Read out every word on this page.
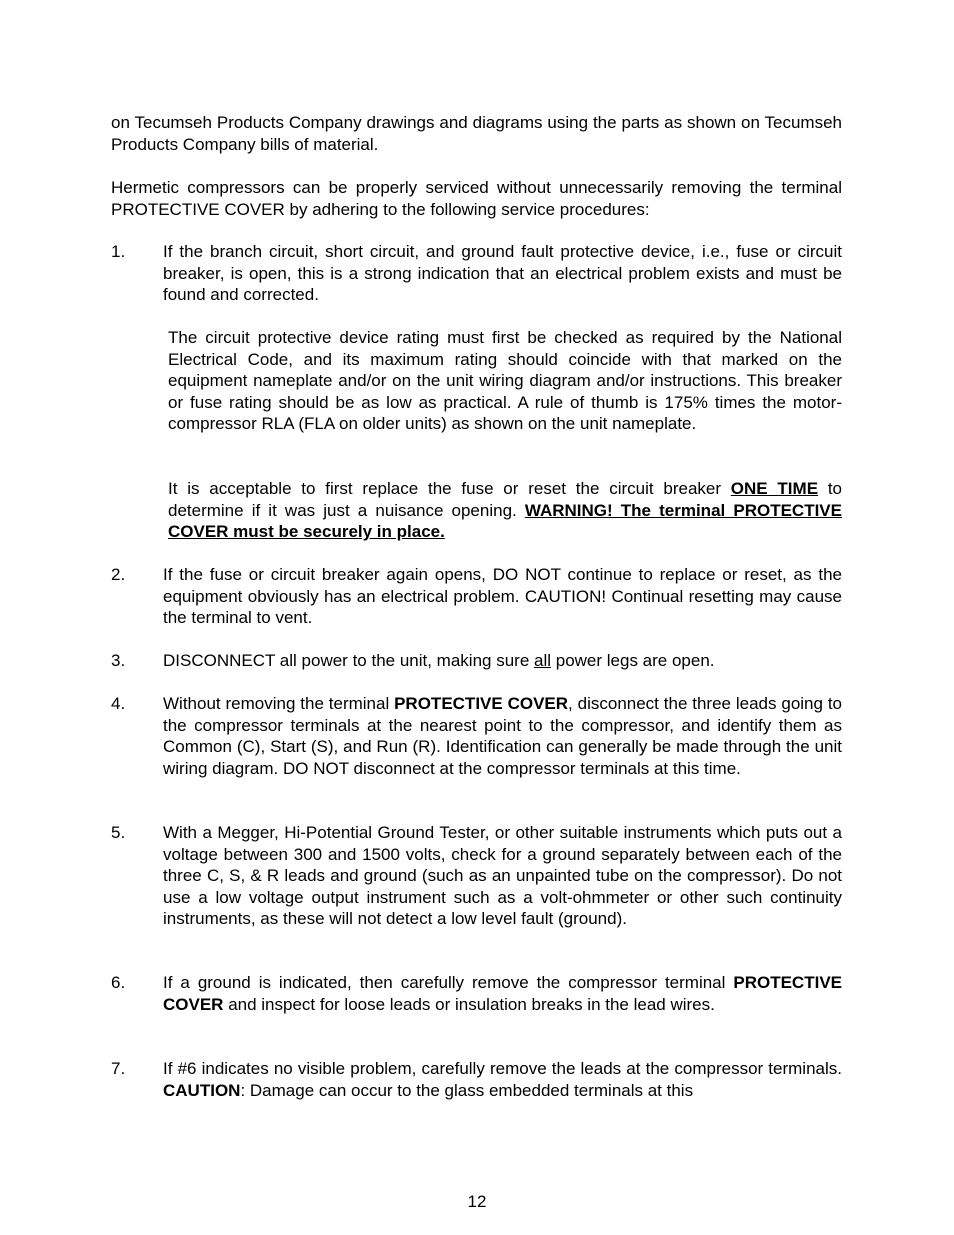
on Tecumseh Products Company drawings and diagrams using the parts as shown on Tecumseh Products Company bills of material.

Hermetic compressors can be properly serviced without unnecessarily removing the terminal PROTECTIVE COVER by adhering to the following service procedures:

1.	If the branch circuit, short circuit, and ground fault protective device, i.e., fuse or circuit breaker, is open, this is a strong indication that an electrical problem exists and must be found and corrected.

The circuit protective device rating must first be checked as required by the National Electrical Code, and its maximum rating should coincide with that marked on the equipment nameplate and/or on the unit wiring diagram and/or instructions. This breaker or fuse rating should be as low as practical. A rule of thumb is 175% times the motor-compressor RLA (FLA on older units) as shown on the unit nameplate.

It is acceptable to first replace the fuse or reset the circuit breaker ONE TIME to determine if it was just a nuisance opening. WARNING! The terminal PROTECTIVE COVER must be securely in place.

2.	If the fuse or circuit breaker again opens, DO NOT continue to replace or reset, as the equipment obviously has an electrical problem. CAUTION! Continual resetting may cause the terminal to vent.
3.	DISCONNECT all power to the unit, making sure all power legs are open.
4.	Without removing the terminal PROTECTIVE COVER, disconnect the three leads going to the compressor terminals at the nearest point to the compressor, and identify them as Common (C), Start (S), and Run (R). Identification can generally be made through the unit wiring diagram. DO NOT disconnect at the compressor terminals at this time.
5.	With a Megger, Hi-Potential Ground Tester, or other suitable instruments which puts out a voltage between 300 and 1500 volts, check for a ground separately between each of the three C, S, & R leads and ground (such as an unpainted tube on the compressor). Do not use a low voltage output instrument such as a volt-ohmmeter or other such continuity instruments, as these will not detect a low level fault (ground).
6.	If a ground is indicated, then carefully remove the compressor terminal PROTECTIVE COVER and inspect for loose leads or insulation breaks in the lead wires.
7.	If #6 indicates no visible problem, carefully remove the leads at the compressor terminals. CAUTION: Damage can occur to the glass embedded terminals at this
12
